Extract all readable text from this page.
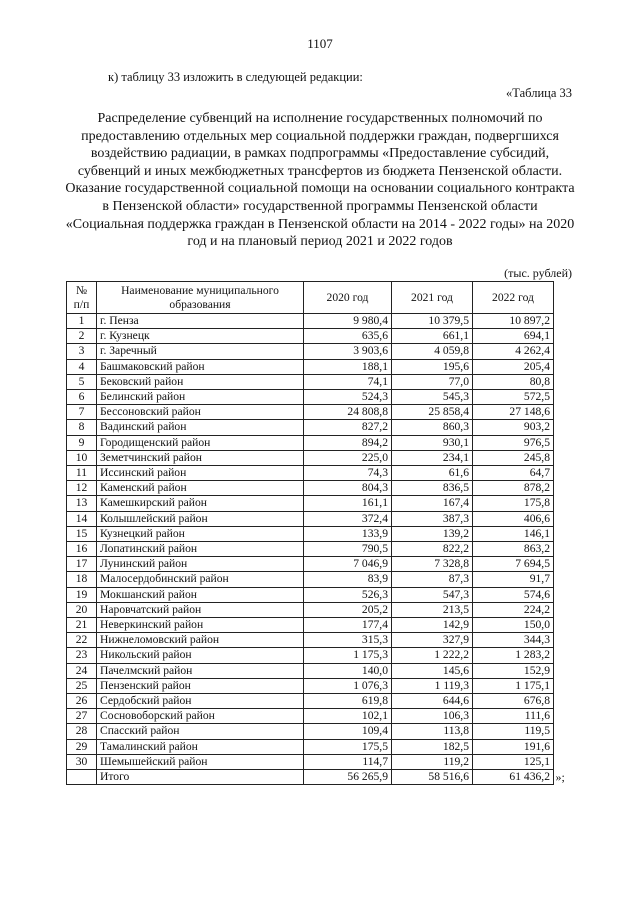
1107
к) таблицу 33 изложить в следующей редакции:
«Таблица 33
Распределение субвенций на исполнение государственных полномочий по предоставлению отдельных мер социальной поддержки граждан, подвергшихся воздействию радиации, в рамках подпрограммы «Предоставление субсидий, субвенций и иных межбюджетных трансфертов из бюджета Пензенской области. Оказание государственной социальной помощи на основании социального контракта в Пензенской области» государственной программы Пензенской области «Социальная поддержка граждан в Пензенской области на 2014 - 2022 годы» на 2020 год и на плановый период 2021 и 2022 годов
(тыс. рублей)
№ п/п	Наименование муниципального образования	2020 год	2021 год	2022 год
1	г. Пенза	9 980,4	10 379,5	10 897,2
2	г. Кузнецк	635,6	661,1	694,1
3	г. Заречный	3 903,6	4 059,8	4 262,4
4	Башмаковский район	188,1	195,6	205,4
5	Бековский район	74,1	77,0	80,8
6	Белинский район	524,3	545,3	572,5
7	Бессоновский район	24 808,8	25 858,4	27 148,6
8	Вадинский район	827,2	860,3	903,2
9	Городищенский район	894,2	930,1	976,5
10	Земетчинский район	225,0	234,1	245,8
11	Иссинский район	74,3	61,6	64,7
12	Каменский район	804,3	836,5	878,2
13	Камешкирский район	161,1	167,4	175,8
14	Колышлейский район	372,4	387,3	406,6
15	Кузнецкий район	133,9	139,2	146,1
16	Лопатинский район	790,5	822,2	863,2
17	Лунинский район	7 046,9	7 328,8	7 694,5
18	Малосердобинский район	83,9	87,3	91,7
19	Мокшанский район	526,3	547,3	574,6
20	Наровчатский район	205,2	213,5	224,2
21	Неверкинский район	177,4	142,9	150,0
22	Нижнеломовский район	315,3	327,9	344,3
23	Никольский район	1 175,3	1 222,2	1 283,2
24	Пачелмский район	140,0	145,6	152,9
25	Пензенский район	1 076,3	1 119,3	1 175,1
26	Сердобский район	619,8	644,6	676,8
27	Сосновоборский район	102,1	106,3	111,6
28	Спасский район	109,4	113,8	119,5
29	Тамалинский район	175,5	182,5	191,6
30	Шемышейский район	114,7	119,2	125,1
	Итого	56 265,9	58 516,6	61 436,2 »;
